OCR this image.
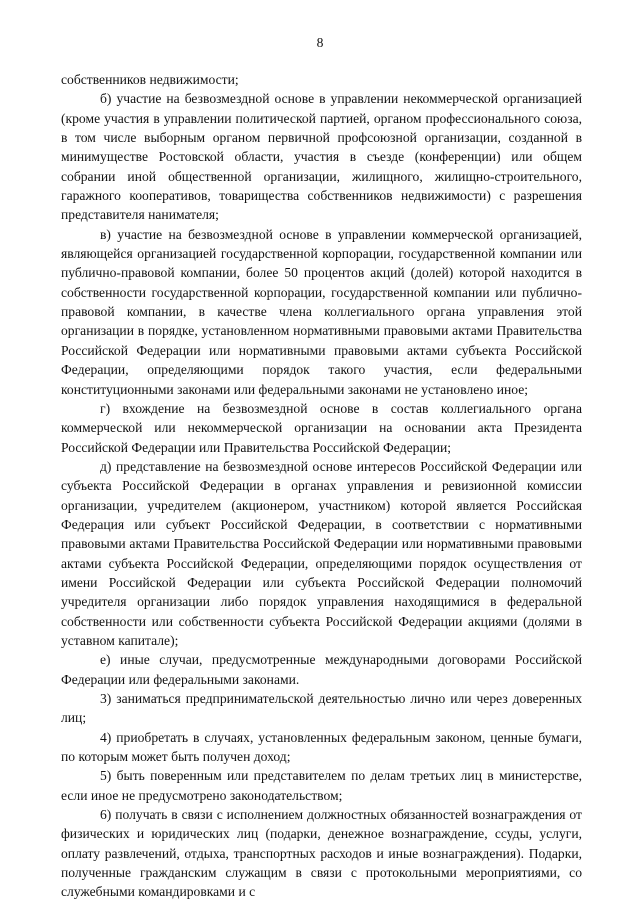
8

собственников недвижимости;

б) участие на безвозмездной основе в управлении некоммерческой организацией (кроме участия в управлении политической партией, органом профессионального союза, в том числе выборным органом первичной профсоюзной организации, созданной в минимуществе Ростовской области, участия в съезде (конференции) или общем собрании иной общественной организации, жилищного, жилищно-строительного, гаражного кооперативов, товарищества собственников недвижимости) с разрешения представителя нанимателя;

в) участие на безвозмездной основе в управлении коммерческой организацией, являющейся организацией государственной корпорации, государственной компании или публично-правовой компании, более 50 процентов акций (долей) которой находится в собственности государственной корпорации, государственной компании или публично-правовой компании, в качестве члена коллегиального органа управления этой организации в порядке, установленном нормативными правовыми актами Правительства Российской Федерации или нормативными правовыми актами субъекта Российской Федерации, определяющими порядок такого участия, если федеральными конституционными законами или федеральными законами не установлено иное;

г) вхождение на безвозмездной основе в состав коллегиального органа коммерческой или некоммерческой организации на основании акта Президента Российской Федерации или Правительства Российской Федерации;

д) представление на безвозмездной основе интересов Российской Федерации или субъекта Российской Федерации в органах управления и ревизионной комиссии организации, учредителем (акционером, участником) которой является Российская Федерация или субъект Российской Федерации, в соответствии с нормативными правовыми актами Правительства Российской Федерации или нормативными правовыми актами субъекта Российской Федерации, определяющими порядок осуществления от имени Российской Федерации или субъекта Российской Федерации полномочий учредителя организации либо порядок управления находящимися в федеральной собственности или собственности субъекта Российской Федерации акциями (долями в уставном капитале);

е) иные случаи, предусмотренные международными договорами Российской Федерации или федеральными законами.

3) заниматься предпринимательской деятельностью лично или через доверенных лиц;

4) приобретать в случаях, установленных федеральным законом, ценные бумаги, по которым может быть получен доход;

5) быть поверенным или представителем по делам третьих лиц в министерстве, если иное не предусмотрено законодательством;

6) получать в связи с исполнением должностных обязанностей вознаграждения от физических и юридических лиц (подарки, денежное вознаграждение, ссуды, услуги, оплату развлечений, отдыха, транспортных расходов и иные вознаграждения). Подарки, полученные гражданским служащим в связи с протокольными мероприятиями, со служебными командировками и с
